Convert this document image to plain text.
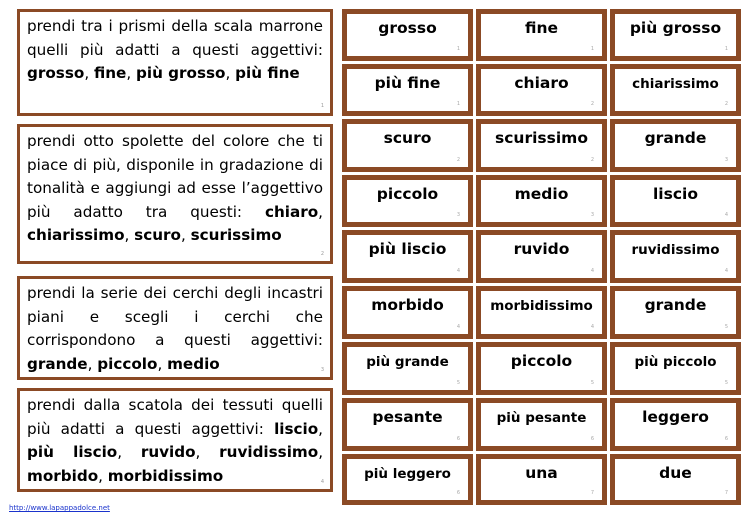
prendi tra i prismi della scala marrone quelli più adatti a questi aggettivi: grosso, fine, più grosso, più fine

1

prendi otto spolette del colore che ti piace di più, disponile in gradazione di tonalità e aggiungi ad esse l’aggettivo più adatto tra questi: chiaro, chiarissimo, scuro, scurissimo

2

prendi la serie dei cerchi degli incastri piani e scegli i cerchi che corrispondono a questi aggettivi: grande, piccolo, medio	3

prendi dalla scatola dei tessuti quelli più adatti a questi aggettivi: liscio, più liscio, ruvido, ruvidissimo, morbido, morbidissimo	4
grosso
1
fine
1
più grosso
1
più fine
1
chiaro
2
chiarissimo
2
scuro
2
scurissimo
2
grande
3
piccolo
3
medio
3
liscio
4
più liscio
4
ruvido
4
ruvidissimo
4
morbido
4
morbidissimo
4
grande
5
più grande
5
piccolo
5
più piccolo
5
pesante
6
più pesante
6
leggero
6
più leggero
6
una
7
due
7
http://www.lapappadolce.net
